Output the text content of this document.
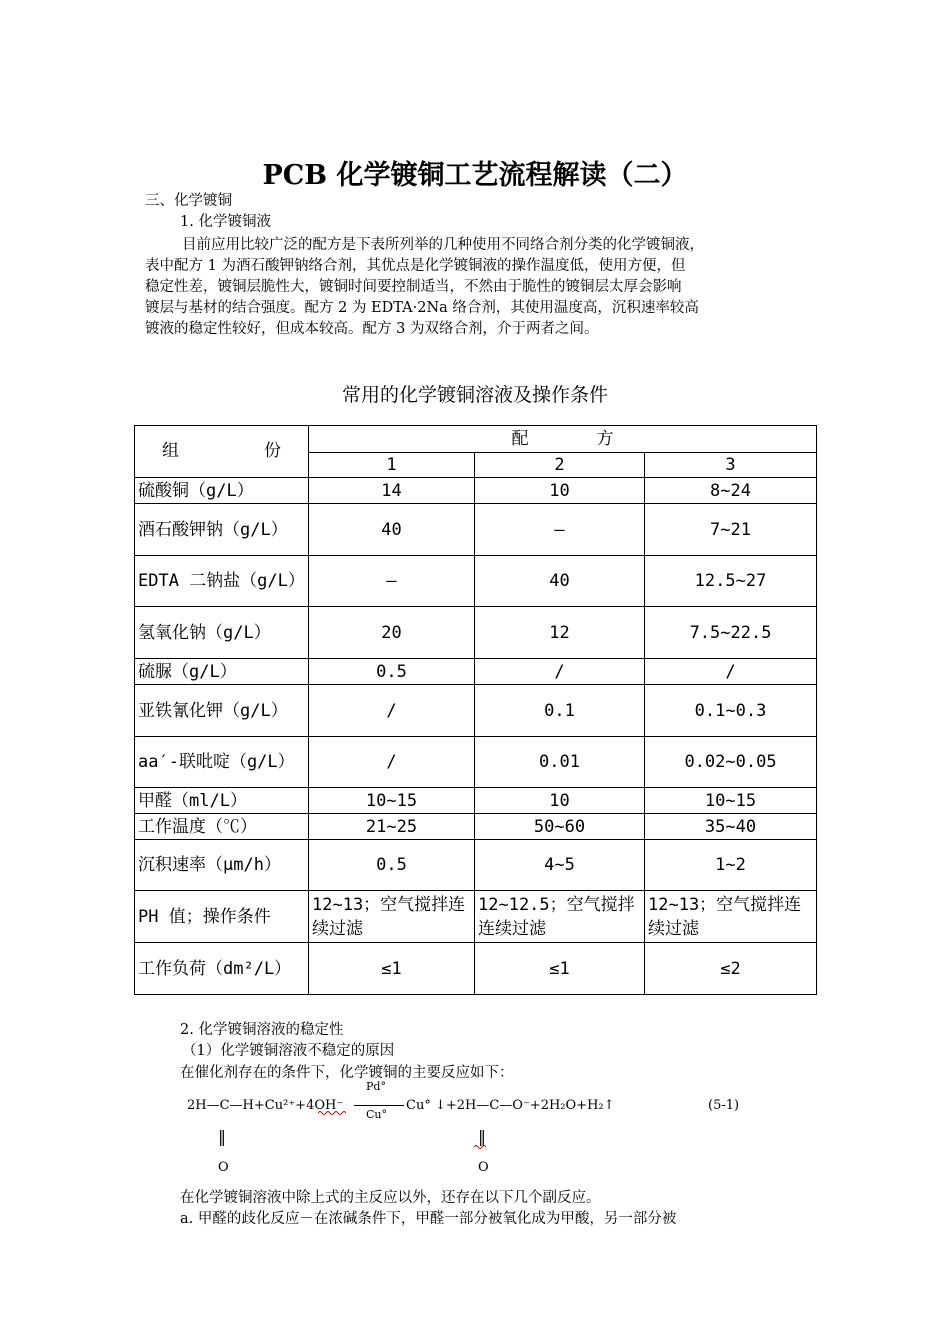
PCB 化学镀铜工艺流程解读（二）
三、化学镀铜
1. 化学镀铜液
目前应用比较广泛的配方是下表所列举的几种使用不同络合剂分类的化学镀铜液，
表中配方 1 为酒石酸钾钠络合剂，其优点是化学镀铜液的操作温度低，使用方便，但
稳定性差，镀铜层脆性大，镀铜时间要控制适当，不然由于脆性的镀铜层太厚会影响
镀层与基材的结合强度。配方 2 为 EDTA·2Na 络合剂，其使用温度高，沉积速率较高
镀液的稳定性较好，但成本较高。配方 3 为双络合剂，介于两者之间。
常用的化学镀铜溶液及操作条件
组　　　　　份	配　　　　方		
	1	2	3
硫酸铜（g/L）	14	10	8~24
酒石酸钾钠（g/L）	40	—	7~21
EDTA 二钠盐（g/L）	—	40	12.5~27
氢氧化钠（g/L）	20	12	7.5~22.5
硫脲（g/L）	0.5	/	/
亚铁氰化钾（g/L）	/	0.1	0.1~0.3
aa′-联吡啶（g/L）	/	0.01	0.02~0.05
甲醛（ml/L）	10~15	10	10~15
工作温度（℃）	21~25	50~60	35~40
沉积速率（μm/h）	0.5	4~5	1~2
PH 值；操作条件	12~13；空气搅拌连续过滤	12~12.5；空气搅拌连续过滤	12~13；空气搅拌连续过滤
工作负荷（dm²/L）	≤1	≤1	≤2
2. 化学镀铜溶液的稳定性
（1）化学镀铜溶液不稳定的原因
在催化剂存在的条件下，化学镀铜的主要反应如下：
2H—C—H+Cu²⁺+4OH⁻
Pd°
Cu°
Cu° ↓+2H—C—O⁻+2H₂O+H₂↑	(5-1)
‖
O
‖
O
在化学镀铜溶液中除上式的主反应以外，还存在以下几个副反应。
a. 甲醛的歧化反应－在浓碱条件下，甲醛一部分被氧化成为甲酸，另一部分被
